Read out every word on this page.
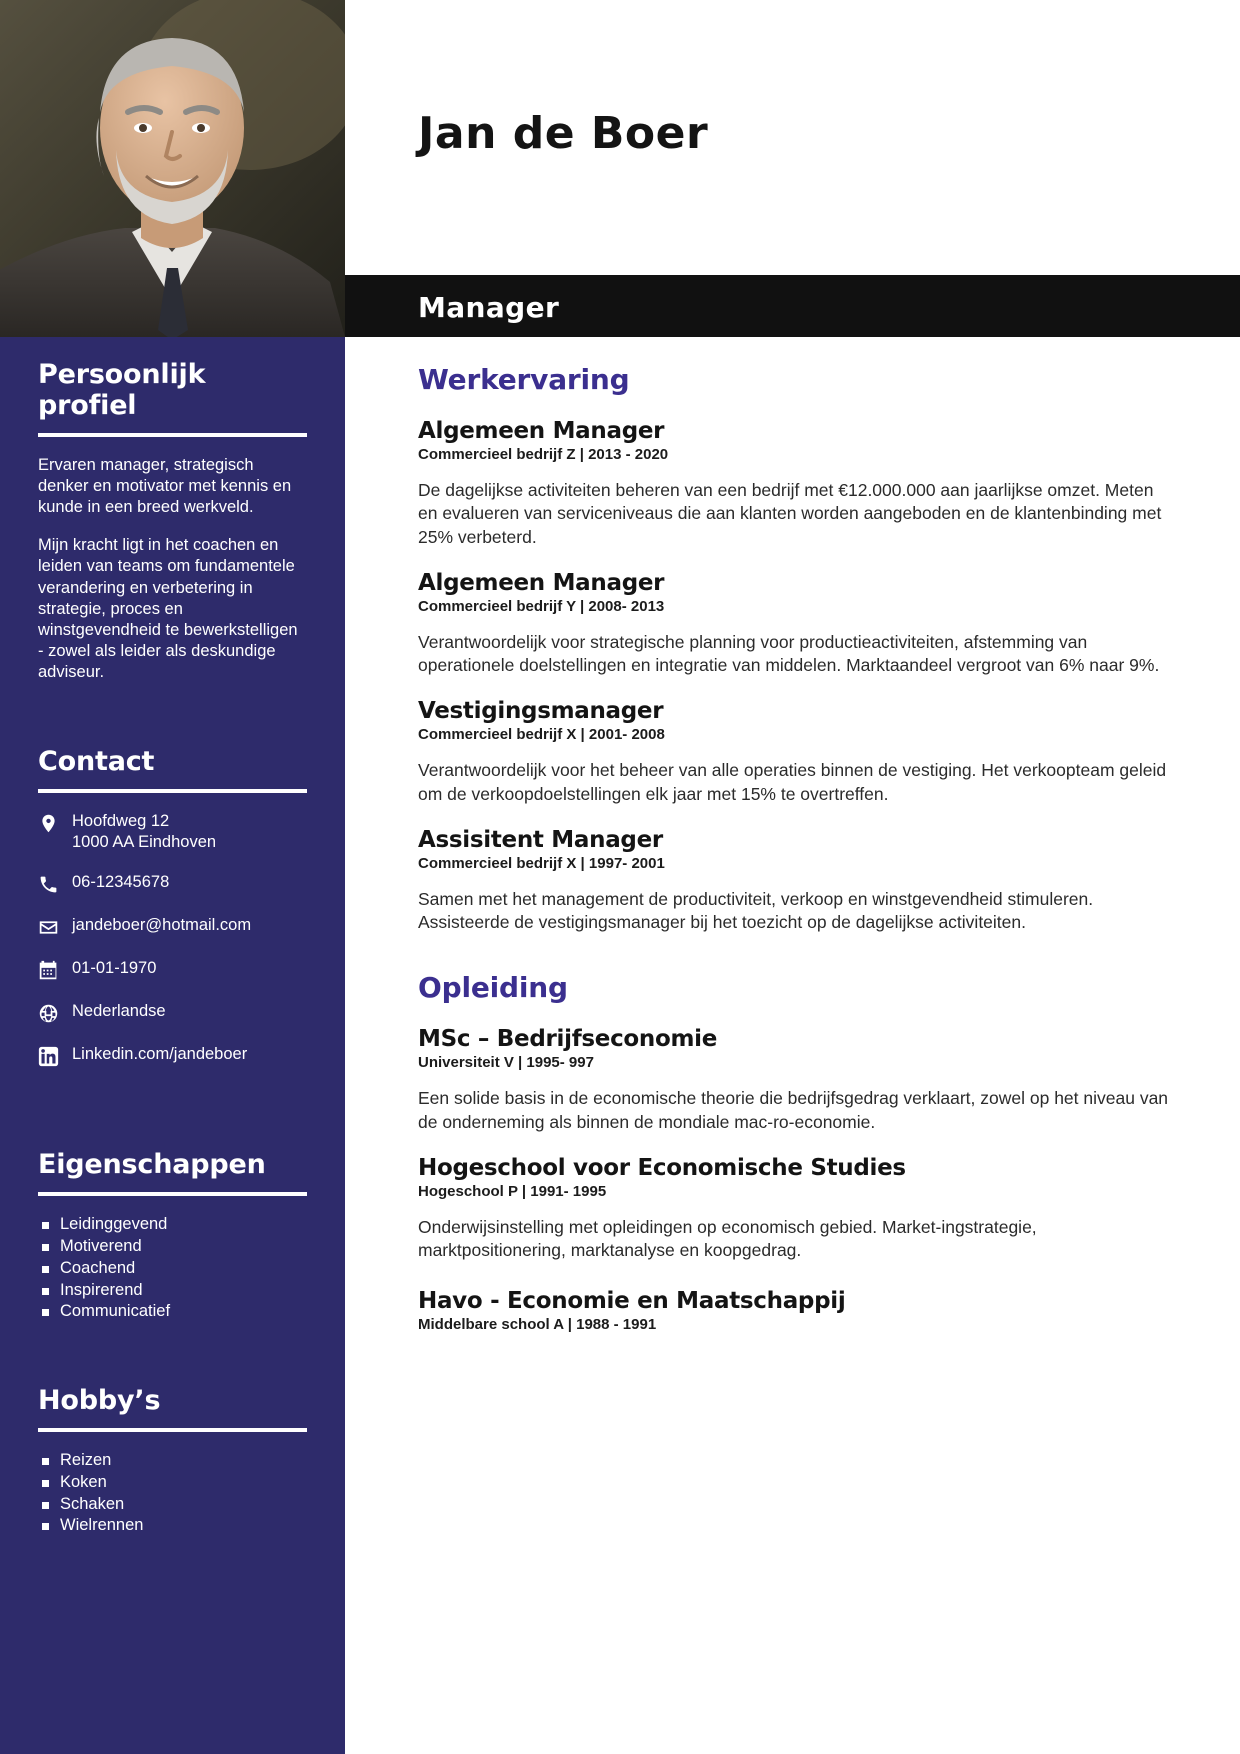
Persoonlijk profiel
Ervaren manager, strategisch denker en motivator met kennis en kunde in een breed werkveld.
Mijn kracht ligt in het coachen en leiden van teams om fundamentele verandering en verbetering in strategie, proces en winstgevendheid te bewerkstelligen - zowel als leider als deskundige adviseur.
Contact
Hoofdweg 12
1000 AA Eindhoven
06-12345678
jandeboer@hotmail.com
01-01-1970
Nederlandse
Linkedin.com/jandeboer
Eigenschappen
Leidinggevend
Motiverend
Coachend
Inspirerend
Communicatief
Hobby’s
Reizen
Koken
Schaken
Wielrennen
Jan de Boer
Manager
Werkervaring
Algemeen Manager
Commercieel bedrijf Z | 2013 - 2020
De dagelijkse activiteiten beheren van een bedrijf met €12.000.000 aan jaarlijkse omzet. Meten en evalueren van serviceniveaus die aan klanten worden aangeboden en de klantenbinding met 25% verbeterd.
Algemeen Manager
Commercieel bedrijf Y | 2008- 2013
Verantwoordelijk voor strategische planning voor productieactiviteiten, afstemming van operationele doelstellingen en integratie van middelen. Marktaandeel vergroot van 6% naar 9%.
Vestigingsmanager
Commercieel bedrijf X | 2001- 2008
Verantwoordelijk voor het beheer van alle operaties binnen de vestiging. Het verkoopteam geleid om de verkoopdoelstellingen elk jaar met 15% te overtreffen.
Assisitent Manager
Commercieel bedrijf X | 1997- 2001
Samen met het management de productiviteit, verkoop en winstgevendheid stimuleren. Assisteerde de vestigingsmanager bij het toezicht op de dagelijkse activiteiten.
Opleiding
MSc – Bedrijfseconomie
Universiteit V | 1995- 997
Een solide basis in de economische theorie die bedrijfsgedrag verklaart, zowel op het niveau van de onderneming als binnen de mondiale mac-ro-economie.
Hogeschool voor Economische Studies
Hogeschool P | 1991- 1995
Onderwijsinstelling met opleidingen op economisch gebied. Market-ingstrategie, marktpositionering, marktanalyse en koopgedrag.
Havo - Economie en Maatschappij
Middelbare school A | 1988 - 1991
